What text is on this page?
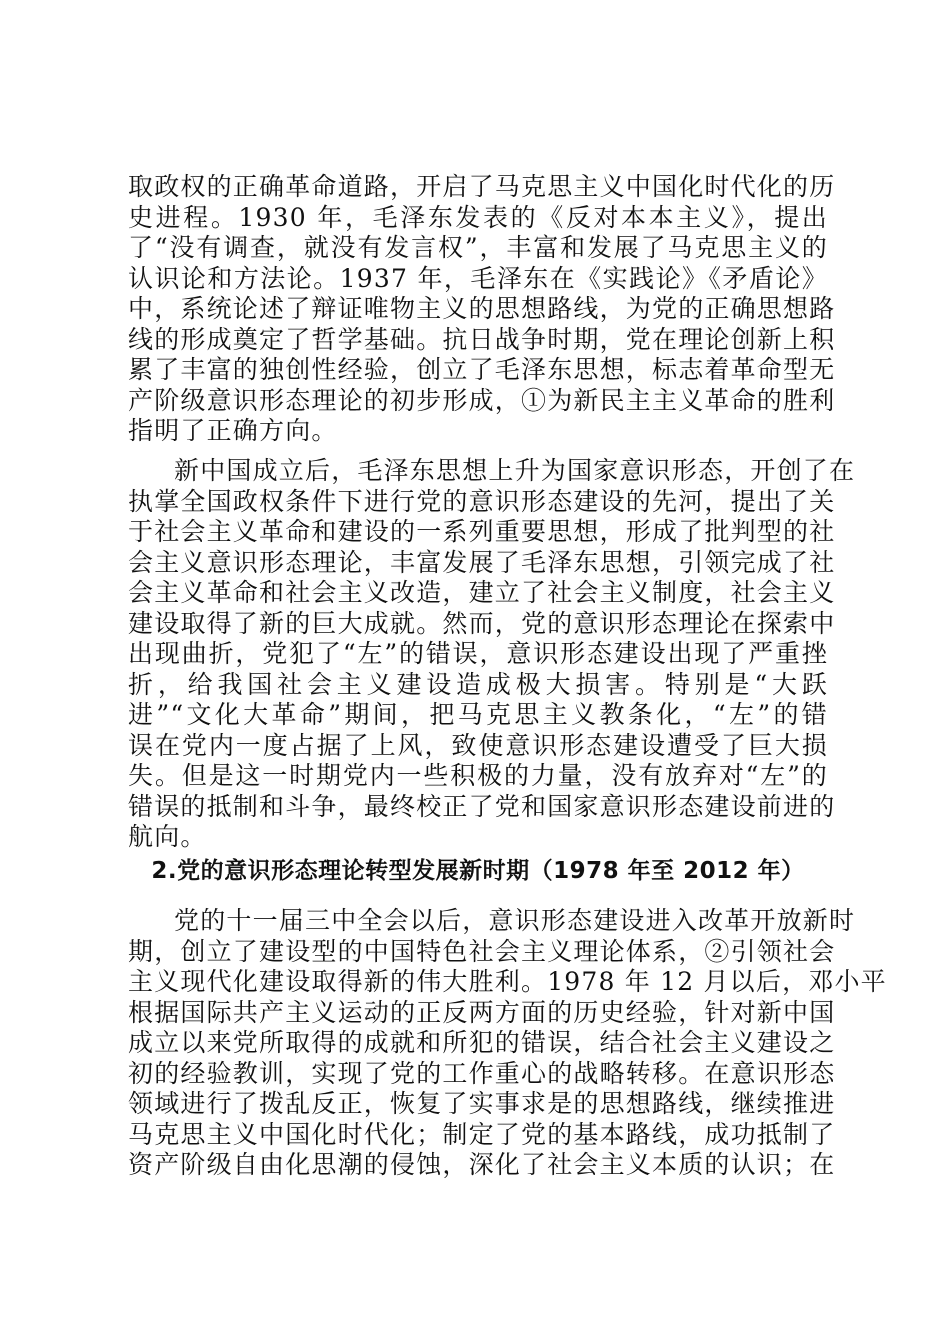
取政权的正确革命道路，开启了马克思主义中国化时代化的历
史进程。1930 年，毛泽东发表的《反对本本主义》，提出
了“没有调查，就没有发言权”，丰富和发展了马克思主义的
认识论和方法论。1937 年，毛泽东在《实践论》《矛盾论》
中，系统论述了辩证唯物主义的思想路线，为党的正确思想路
线的形成奠定了哲学基础。抗日战争时期，党在理论创新上积
累了丰富的独创性经验，创立了毛泽东思想，标志着革命型无
产阶级意识形态理论的初步形成，①为新民主主义革命的胜利
指明了正确方向。
新中国成立后，毛泽东思想上升为国家意识形态，开创了在
执掌全国政权条件下进行党的意识形态建设的先河，提出了关
于社会主义革命和建设的一系列重要思想，形成了批判型的社
会主义意识形态理论，丰富发展了毛泽东思想，引领完成了社
会主义革命和社会主义改造，建立了社会主义制度，社会主义
建设取得了新的巨大成就。然而，党的意识形态理论在探索中
出现曲折，党犯了“左”的错误，意识形态建设出现了严重挫
折，给我国社会主义建设造成极大损害。特别是“大跃
进”“文化大革命”期间，把马克思主义教条化，“左”的错
误在党内一度占据了上风，致使意识形态建设遭受了巨大损
失。但是这一时期党内一些积极的力量，没有放弃对“左”的
错误的抵制和斗争，最终校正了党和国家意识形态建设前进的
航向。
2.党的意识形态理论转型发展新时期（1978 年至 2012 年）
党的十一届三中全会以后，意识形态建设进入改革开放新时
期，创立了建设型的中国特色社会主义理论体系，②引领社会
主义现代化建设取得新的伟大胜利。1978 年 12 月以后，邓小平
根据国际共产主义运动的正反两方面的历史经验，针对新中国
成立以来党所取得的成就和所犯的错误，结合社会主义建设之
初的经验教训，实现了党的工作重心的战略转移。在意识形态
领域进行了拨乱反正，恢复了实事求是的思想路线，继续推进
马克思主义中国化时代化；制定了党的基本路线，成功抵制了
资产阶级自由化思潮的侵蚀，深化了社会主义本质的认识；在
